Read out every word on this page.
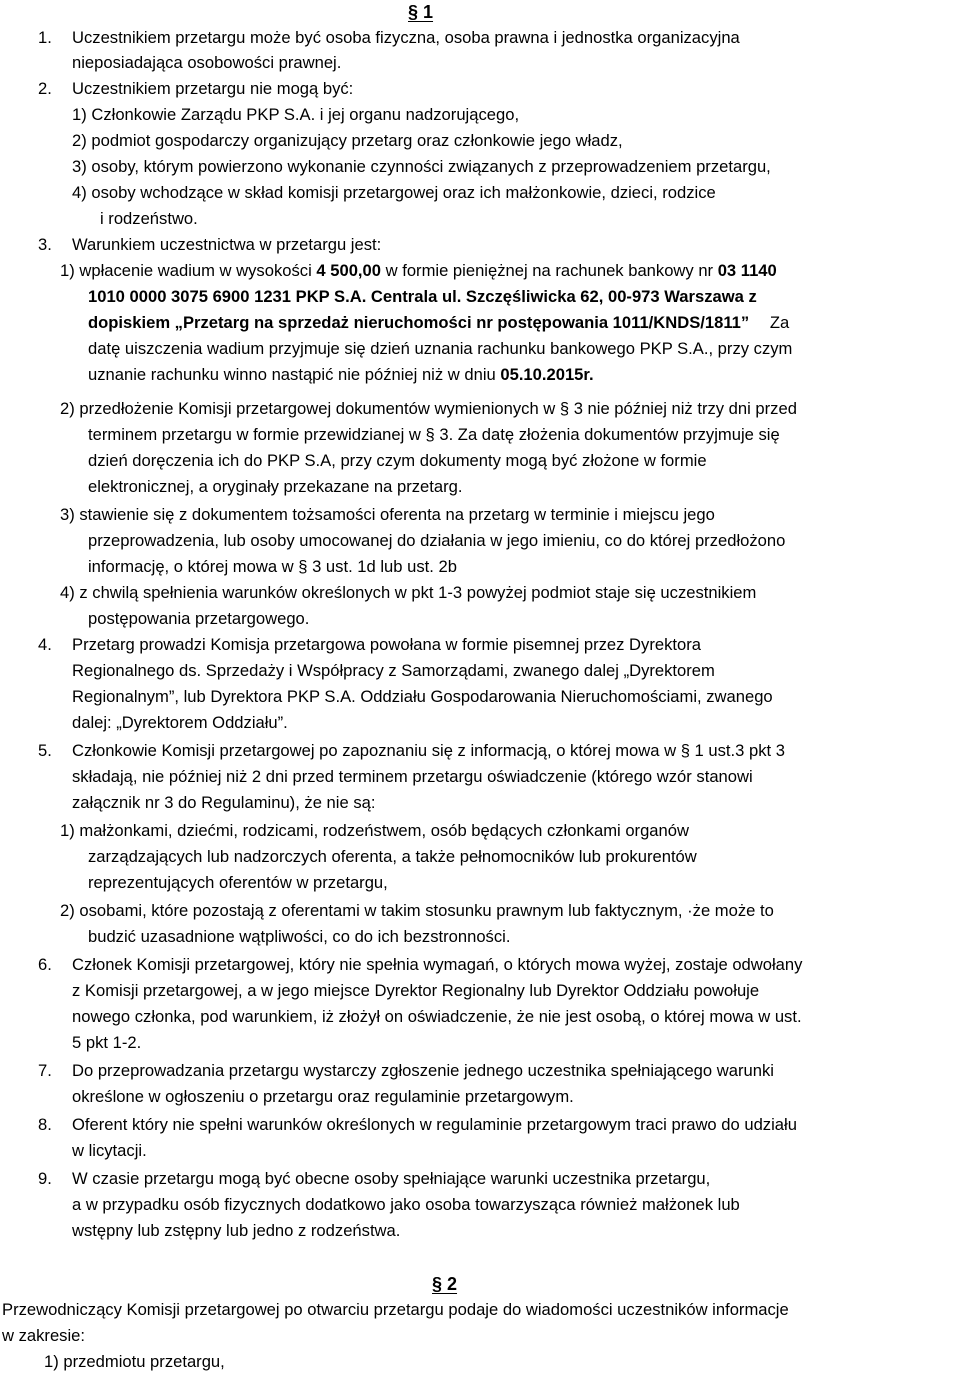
§ 1
1. Uczestnikiem przetargu może być osoba fizyczna, osoba prawna i jednostka organizacyjna
nieposiadająca osobowości prawnej.
2. Uczestnikiem przetargu nie mogą być:
1) Członkowie Zarządu PKP S.A. i jej organu nadzorującego,
2) podmiot gospodarczy organizujący przetarg oraz członkowie jego władz,
3) osoby, którym powierzono wykonanie czynności związanych z przeprowadzeniem przetargu,
4) osoby wchodzące w skład komisji przetargowej oraz ich małżonkowie, dzieci, rodzice
i rodzeństwo.
3. Warunkiem uczestnictwa w przetargu jest:
1) wpłacenie wadium w wysokości 4 500,00 w formie pieniężnej na rachunek bankowy nr 03 1140
1010 0000 3075 6900 1231 PKP S.A. Centrala ul. Szczęśliwicka 62, 00-973 Warszawa z
dopiskiem „Przetarg na sprzedaż nieruchomości nr postępowania 1011/KNDS/1811” Za
datę uiszczenia wadium przyjmuje się dzień uznania rachunku bankowego PKP S.A., przy czym
uznanie rachunku winno nastąpić nie później niż w dniu 05.10.2015r.
2) przedłożenie Komisji przetargowej dokumentów wymienionych w § 3 nie później niż trzy dni przed
terminem przetargu w formie przewidzianej w § 3. Za datę złożenia dokumentów przyjmuje się
dzień doręczenia ich do PKP S.A, przy czym dokumenty mogą być złożone w formie
elektronicznej, a oryginały przekazane na przetarg.
3) stawienie się z dokumentem tożsamości oferenta na przetarg w terminie i miejscu jego
przeprowadzenia, lub osoby umocowanej do działania w jego imieniu, co do której przedłożono
informację, o której mowa w § 3 ust. 1d lub ust. 2b
4) z chwilą spełnienia warunków określonych w pkt 1-3 powyżej podmiot staje się uczestnikiem
postępowania przetargowego.
4. Przetarg prowadzi Komisja przetargowa powołana w formie pisemnej przez Dyrektora
Regionalnego ds. Sprzedaży i Współpracy z Samorządami, zwanego dalej „Dyrektorem
Regionalnym”, lub Dyrektora PKP S.A. Oddziału Gospodarowania Nieruchomościami, zwanego
dalej: „Dyrektorem Oddziału”.
5. Członkowie Komisji przetargowej po zapoznaniu się z informacją, o której mowa w § 1 ust.3 pkt 3
składają, nie później niż 2 dni przed terminem przetargu oświadczenie (którego wzór stanowi
załącznik nr 3 do Regulaminu), że nie są:
1) małżonkami, dziećmi, rodzicami, rodzeństwem, osób będących członkami organów
zarządzających lub nadzorczych oferenta, a także pełnomocników lub prokurentów
reprezentujących oferentów w przetargu,
2) osobami, które pozostają z oferentami w takim stosunku prawnym lub faktycznym, ·że może to
budzić uzasadnione wątpliwości, co do ich bezstronności.
6. Członek Komisji przetargowej, który nie spełnia wymagań, o których mowa wyżej, zostaje odwołany
z Komisji przetargowej, a w jego miejsce Dyrektor Regionalny lub Dyrektor Oddziału powołuje
nowego członka, pod warunkiem, iż złożył on oświadczenie, że nie jest osobą, o której mowa w ust.
5 pkt 1-2.
7. Do przeprowadzania przetargu wystarczy zgłoszenie jednego uczestnika spełniającego warunki
określone w ogłoszeniu o przetargu oraz regulaminie przetargowym.
8. Oferent który nie spełni warunków określonych w regulaminie przetargowym traci prawo do udziału
w licytacji.
9. W czasie przetargu mogą być obecne osoby spełniające warunki uczestnika przetargu,
a w przypadku osób fizycznych dodatkowo jako osoba towarzysząca również małżonek lub
wstępny lub zstępny lub jedno z rodzeństwa.
§ 2
Przewodniczący Komisji przetargowej po otwarciu przetargu podaje do wiadomości uczestników informacje
w zakresie:
1) przedmiotu przetargu,
